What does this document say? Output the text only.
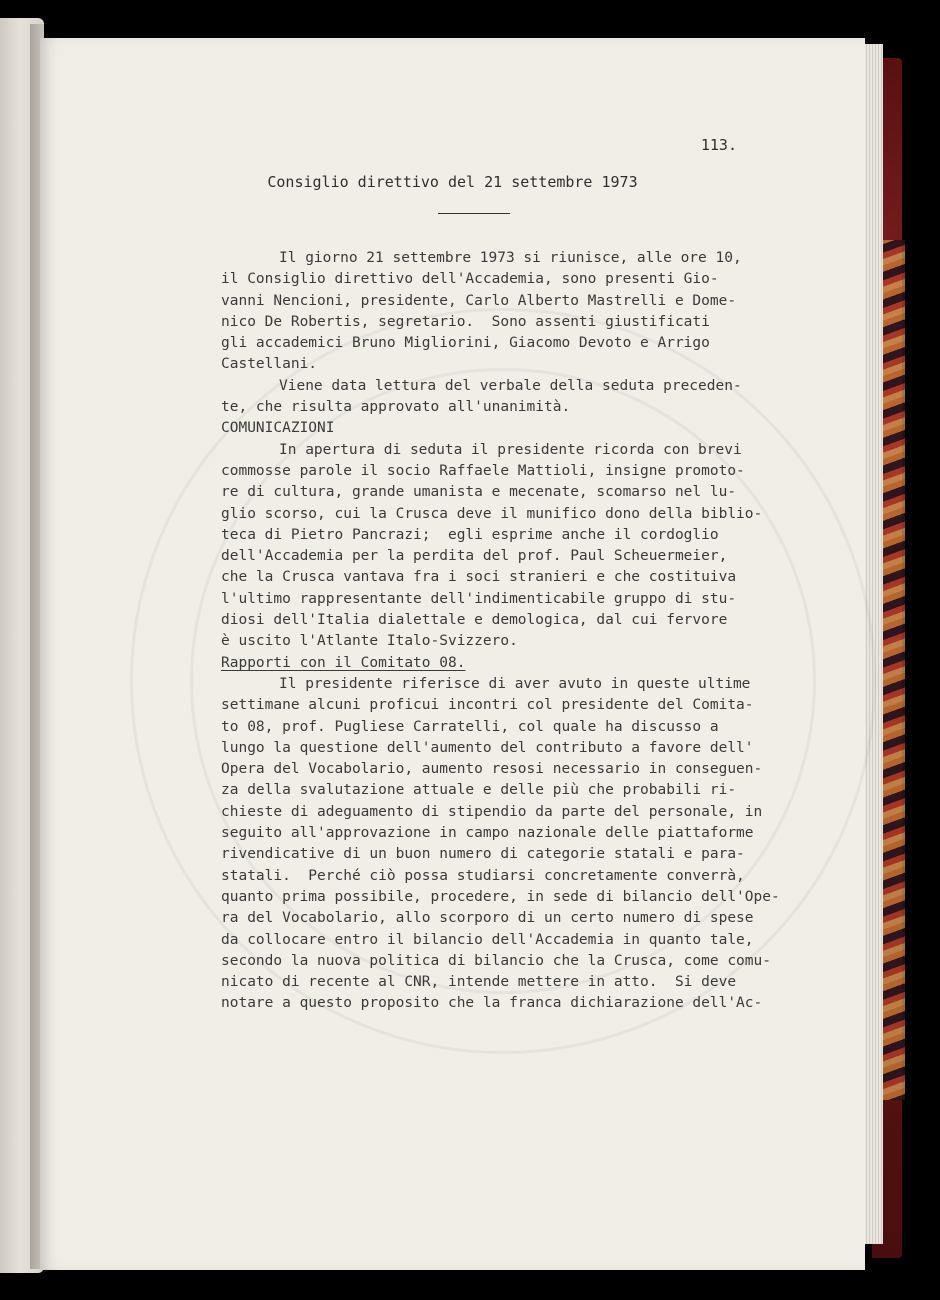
113.

Consiglio direttivo del 21 settembre 1973

Il giorno 21 settembre 1973 si riunisce, alle ore 10,

il Consiglio direttivo dell'Accademia, sono presenti Gio-

vanni Nencioni, presidente, Carlo Alberto Mastrelli e Dome-

nico De Robertis, segretario.  Sono assenti giustificati

gli accademici Bruno Migliorini, Giacomo Devoto e Arrigo

Castellani.

Viene data lettura del verbale della seduta preceden-

te, che risulta approvato all'unanimità.

COMUNICAZIONI

In apertura di seduta il presidente ricorda con brevi

commosse parole il socio Raffaele Mattioli, insigne promoto-

re di cultura, grande umanista e mecenate, scomarso nel lu-

glio scorso, cui la Crusca deve il munifico dono della biblio-

teca di Pietro Pancrazi;  egli esprime anche il cordoglio

dell'Accademia per la perdita del prof. Paul Scheuermeier,

che la Crusca vantava fra i soci stranieri e che costituiva

l'ultimo rappresentante dell'indimenticabile gruppo di stu-

diosi dell'Italia dialettale e demologica, dal cui fervore

è uscito l'Atlante Italo-Svizzero.

Rapporti con il Comitato 08.

Il presidente riferisce di aver avuto in queste ultime

settimane alcuni proficui incontri col presidente del Comita-

to 08, prof. Pugliese Carratelli, col quale ha discusso a

lungo la questione dell'aumento del contributo a favore dell'

Opera del Vocabolario, aumento resosi necessario in conseguen-

za della svalutazione attuale e delle più che probabili ri-

chieste di adeguamento di stipendio da parte del personale, in

seguito all'approvazione in campo nazionale delle piattaforme

rivendicative di un buon numero di categorie statali e para-

statali.  Perché ciò possa studiarsi concretamente converrà,

quanto prima possibile, procedere, in sede di bilancio dell'Ope-

ra del Vocabolario, allo scorporo di un certo numero di spese

da collocare entro il bilancio dell'Accademia in quanto tale,

secondo la nuova politica di bilancio che la Crusca, come comu-

nicato di recente al CNR, intende mettere in atto.  Si deve

notare a questo proposito che la franca dichiarazione dell'Ac-
